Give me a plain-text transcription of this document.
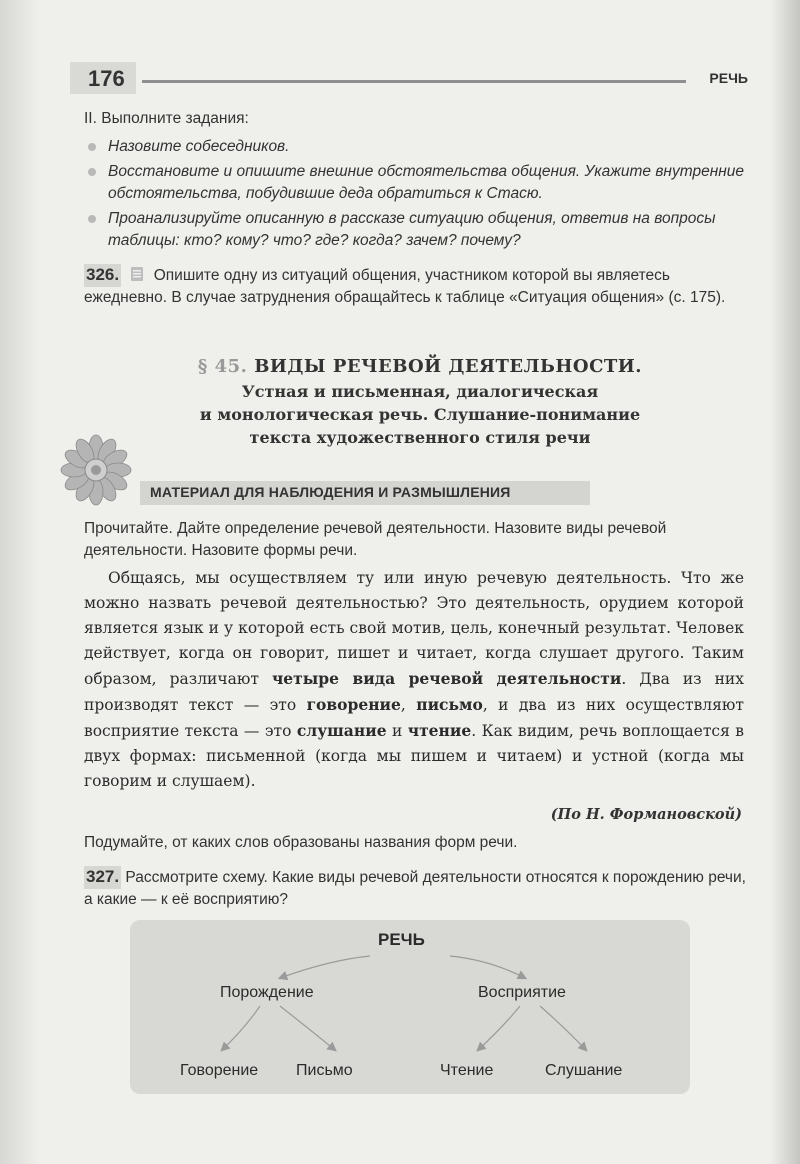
176	РЕЧЬ
II. Выполните задания:
Назовите собеседников.
Восстановите и опишите внешние обстоятельства общения. Укажите внутренние обстоятельства, побудившие деда обратиться к Стасю.
Проанализируйте описанную в рассказе ситуацию общения, ответив на вопросы таблицы: кто? кому? что? где? когда? зачем? почему?
326. Опишите одну из ситуаций общения, участником которой вы являетесь ежедневно. В случае затруднения обращайтесь к таблице «Ситуация общения» (с. 175).
§ 45. ВИДЫ РЕЧЕВОЙ ДЕЯТЕЛЬНОСТИ.
Устная и письменная, диалогическая
и монологическая речь. Слушание-понимание
текста художественного стиля речи
МАТЕРИАЛ ДЛЯ НАБЛЮДЕНИЯ И РАЗМЫШЛЕНИЯ
Прочитайте. Дайте определение речевой деятельности. Назовите виды речевой деятельности. Назовите формы речи.

Общаясь, мы осуществляем ту или иную речевую деятельность. Что же можно назвать речевой деятельностью? Это деятельность, орудием которой является язык и у которой есть свой мотив, цель, конечный результат. Человек действует, когда он говорит, пишет и читает, когда слушает другого. Таким образом, различают четыре вида речевой деятельности. Два из них производят текст — это говорение, письмо, и два из них осуществляют восприятие текста — это слушание и чтение. Как видим, речь воплощается в двух формах: письменной (когда мы пишем и читаем) и устной (когда мы говорим и слушаем).

(По Н. Формановской)
Подумайте, от каких слов образованы названия форм речи.
327. Рассмотрите схему. Какие виды речевой деятельности относятся к порождению речи, а какие — к её восприятию?
РЕЧЬ
Порождение	Восприятие
Говорение Письмо	Чтение	Слушание
